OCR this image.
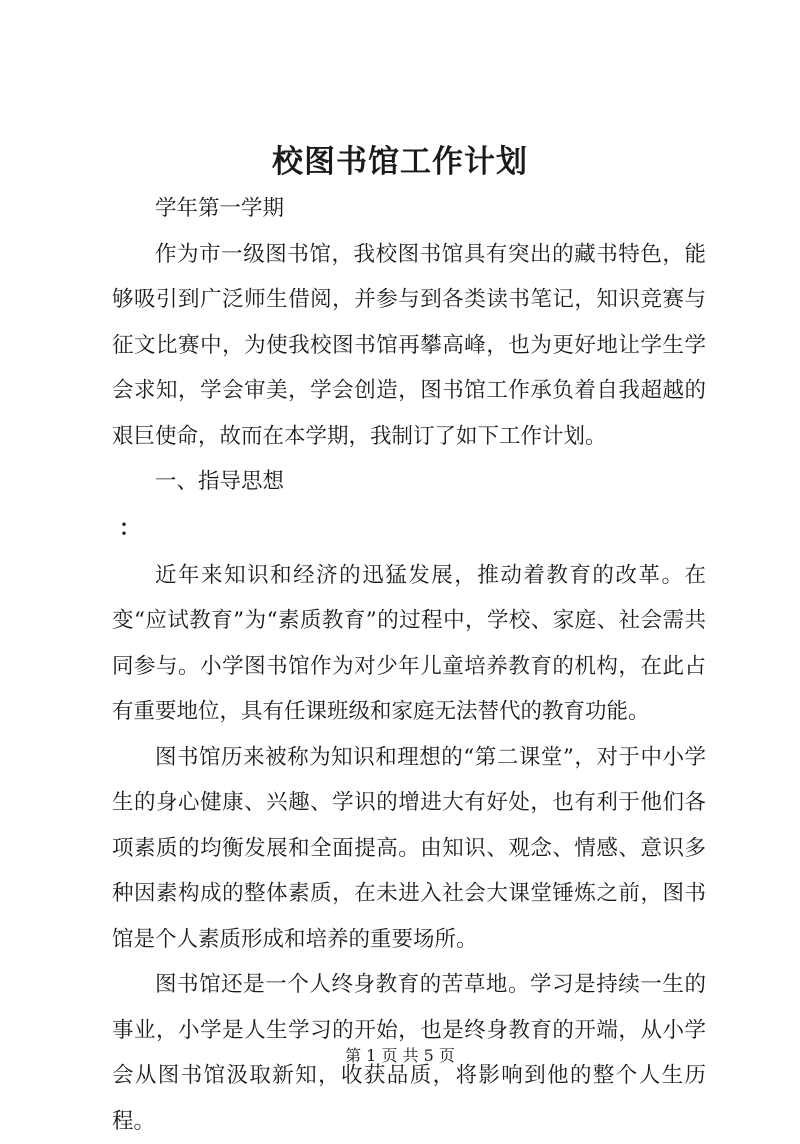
校图书馆工作计划

学年第一学期

作为市一级图书馆，我校图书馆具有突出的藏书特色，能够吸引到广泛师生借阅，并参与到各类读书笔记，知识竞赛与征文比赛中，为使我校图书馆再攀高峰，也为更好地让学生学会求知，学会审美，学会创造，图书馆工作承负着自我超越的艰巨使命，故而在本学期，我制订了如下工作计划。

一、指导思想

：

近年来知识和经济的迅猛发展，推动着教育的改革。在变“应试教育”为“素质教育”的过程中，学校、家庭、社会需共同参与。小学图书馆作为对少年儿童培养教育的机构，在此占有重要地位，具有任课班级和家庭无法替代的教育功能。

图书馆历来被称为知识和理想的“第二课堂”，对于中小学生的身心健康、兴趣、学识的增进大有好处，也有利于他们各项素质的均衡发展和全面提高。由知识、观念、情感、意识多种因素构成的整体素质，在未进入社会大课堂锤炼之前，图书馆是个人素质形成和培养的重要场所。

图书馆还是一个人终身教育的苦草地。学习是持续一生的事业，小学是人生学习的开始，也是终身教育的开端，从小学会从图书馆汲取新知，收获品质，将影响到他的整个人生历程。

第 1 页 共 5 页
